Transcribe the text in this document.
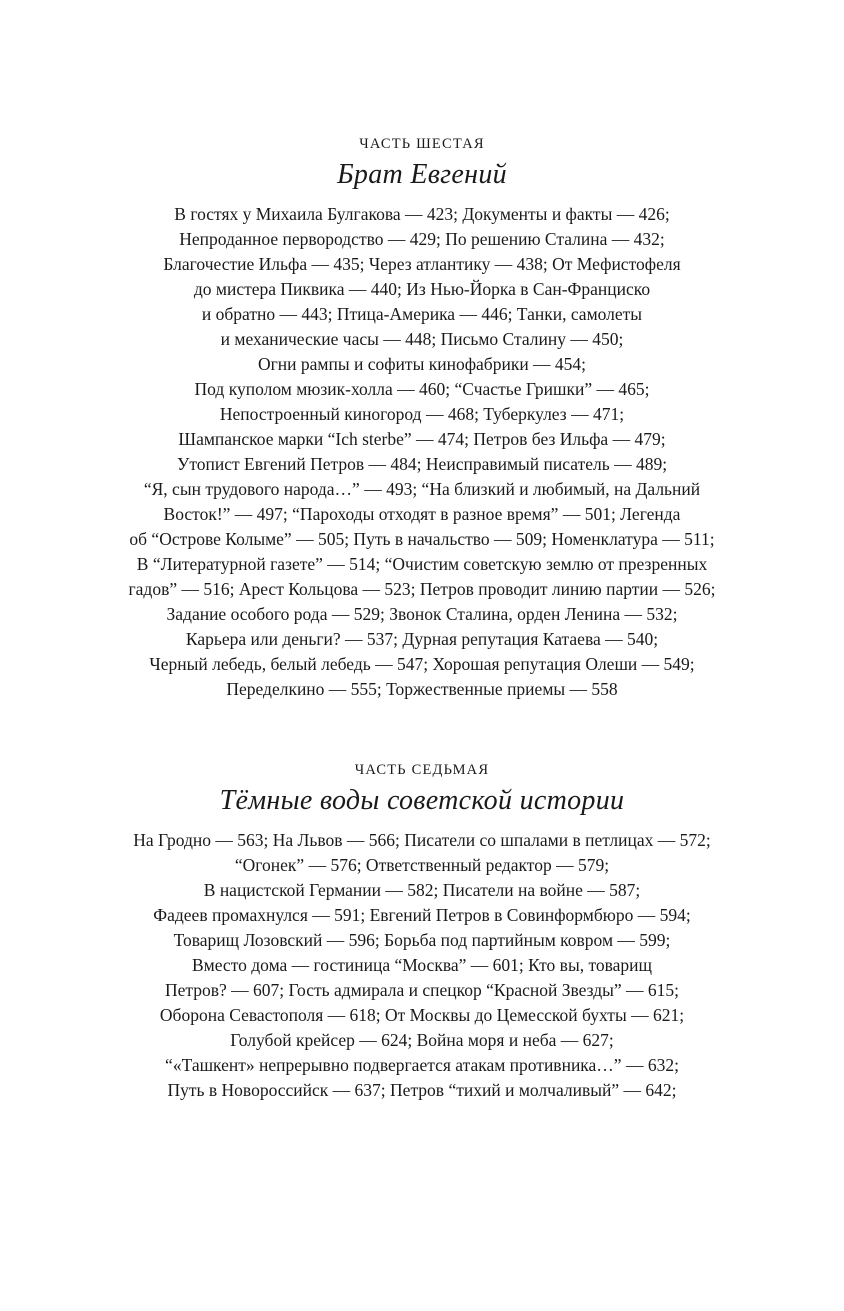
ЧАСТЬ ШЕСТАЯ
Брат Евгений
В гостях у Михаила Булгакова — 423; Документы и факты — 426;
Непроданное первородство — 429; По решению Сталина — 432;
Благочестие Ильфа — 435; Через атлантику — 438; От Мефистофеля
до мистера Пиквика — 440; Из Нью-Йорка в Сан-Франциско
и обратно — 443; Птица-Америка — 446; Танки, самолеты
и механические часы — 448; Письмо Сталину — 450;
Огни рампы и софиты кинофабрики — 454;
Под куполом мюзик-холла — 460; “Счастье Гришки” — 465;
Непостроенный киногород — 468; Туберкулез — 471;
Шампанское марки “Ich sterbe” — 474; Петров без Ильфа — 479;
Утопист Евгений Петров — 484; Неисправимый писатель — 489;
“Я, сын трудового народа…” — 493; “На близкий и любимый, на Дальний
Восток!” — 497; “Пароходы отходят в разное время” — 501; Легенда
об “Острове Колыме” — 505; Путь в начальство — 509; Номенклатура — 511;
В “Литературной газете” — 514; “Очистим советскую землю от презренных
гадов” — 516; Арест Кольцова — 523; Петров проводит линию партии — 526;
Задание особого рода — 529; Звонок Сталина, орден Ленина — 532;
Карьера или деньги? — 537; Дурная репутация Катаева — 540;
Черный лебедь, белый лебедь — 547; Хорошая репутация Олеши — 549;
Переделкино — 555; Торжественные приемы — 558
ЧАСТЬ СЕДЬМАЯ
Тёмные воды советской истории
На Гродно — 563; На Львов — 566; Писатели со шпалами в петлицах — 572;
“Огонек” — 576; Ответственный редактор — 579;
В нацистской Германии — 582; Писатели на войне — 587;
Фадеев промахнулся — 591; Евгений Петров в Совинформбюро — 594;
Товарищ Лозовский — 596; Борьба под партийным ковром — 599;
Вместо дома — гостиница “Москва” — 601; Кто вы, товарищ
Петров? — 607; Гость адмирала и спецкор “Красной Звезды” — 615;
Оборона Севастополя — 618; От Москвы до Цемесской бухты — 621;
Голубой крейсер — 624; Война моря и неба — 627;
“«Ташкент» непрерывно подвергается атакам противника…” — 632;
Путь в Новороссийск — 637; Петров “тихий и молчаливый” — 642;
